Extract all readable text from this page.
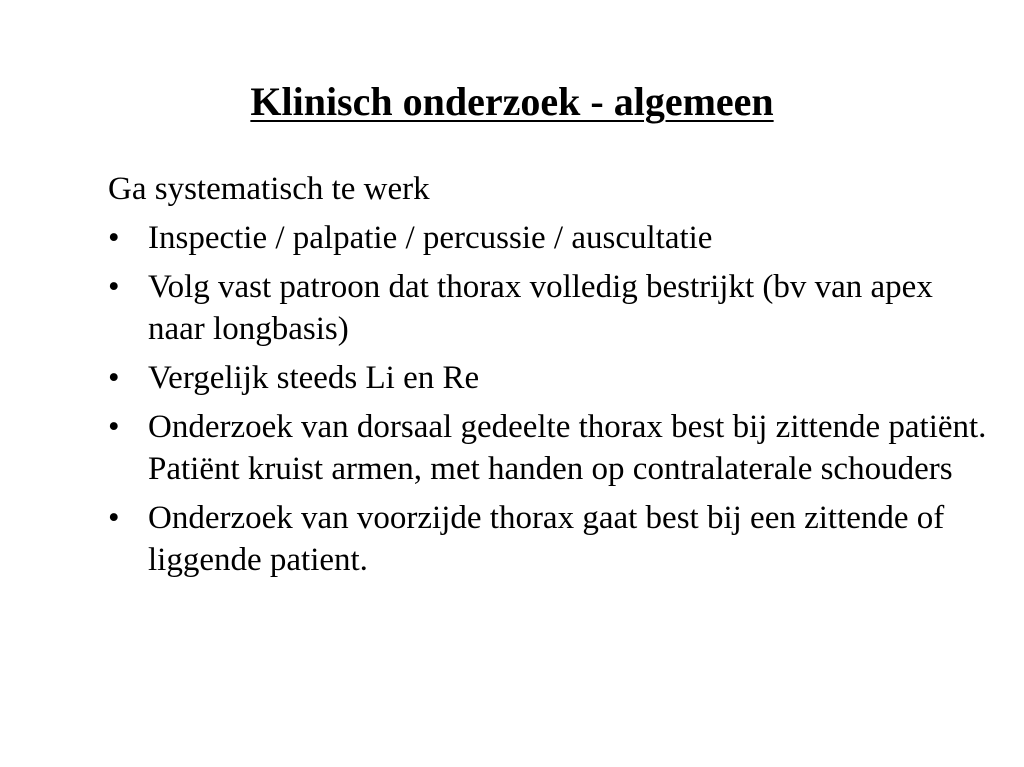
Klinisch onderzoek - algemeen

Ga systematisch te werk

• Inspectie / palpatie / percussie / auscultatie
• Volg vast patroon dat thorax volledig bestrijkt (bv van apex naar longbasis)
• Vergelijk steeds Li en Re
• Onderzoek van dorsaal gedeelte thorax best bij zittende patiënt. Patiënt kruist armen, met handen op contralaterale schouders
• Onderzoek van voorzijde thorax gaat best bij een zittende of liggende patient.
